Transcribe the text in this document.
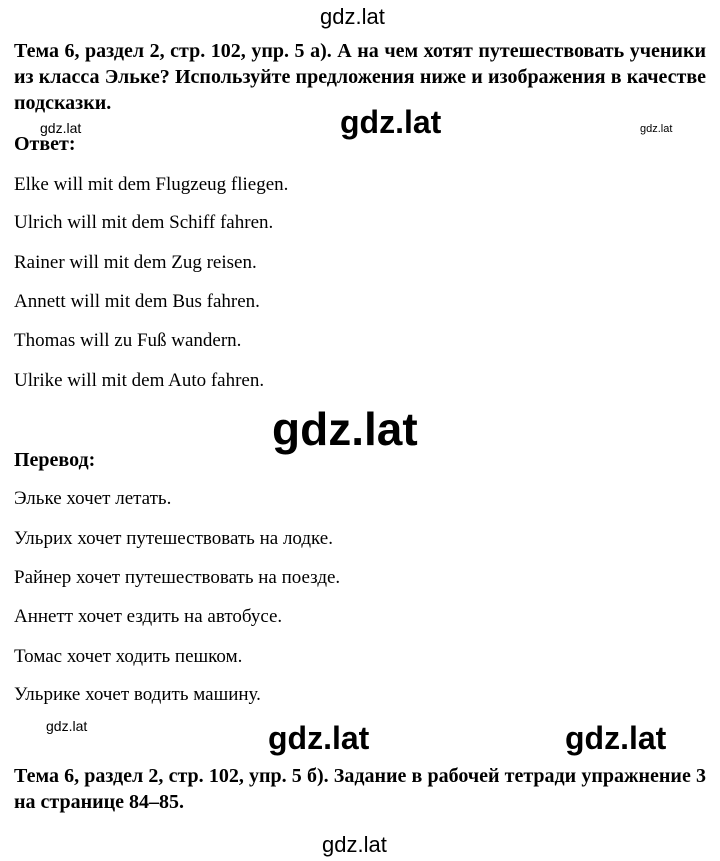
gdz.lat
Тема 6, раздел 2, стр. 102, упр. 5 а). А на чем хотят путешествовать ученики из класса Эльке? Используйте предложения ниже и изображения в качестве подсказки.
gdz.lat	gdz.lat	gdz.lat
Ответ:
Elke will mit dem Flugzeug fliegen.
Ulrich will mit dem Schiff fahren.
Rainer will mit dem Zug reisen.
Annett will mit dem Bus fahren.
Thomas will zu Fuß wandern.
Ulrike will mit dem Auto fahren.
gdz.lat
Перевод:
Эльке хочет летать.
Ульрих хочет путешествовать на лодке.
Райнер хочет путешествовать на поезде.
Аннетт хочет ездить на автобусе.
Томас хочет ходить пешком.
Ульрике хочет водить машину.
gdz.lat	gdz.lat	gdz.lat
Тема 6, раздел 2, стр. 102, упр. 5 б). Задание в рабочей тетради упражнение 3 на странице 84–85.
gdz.lat
